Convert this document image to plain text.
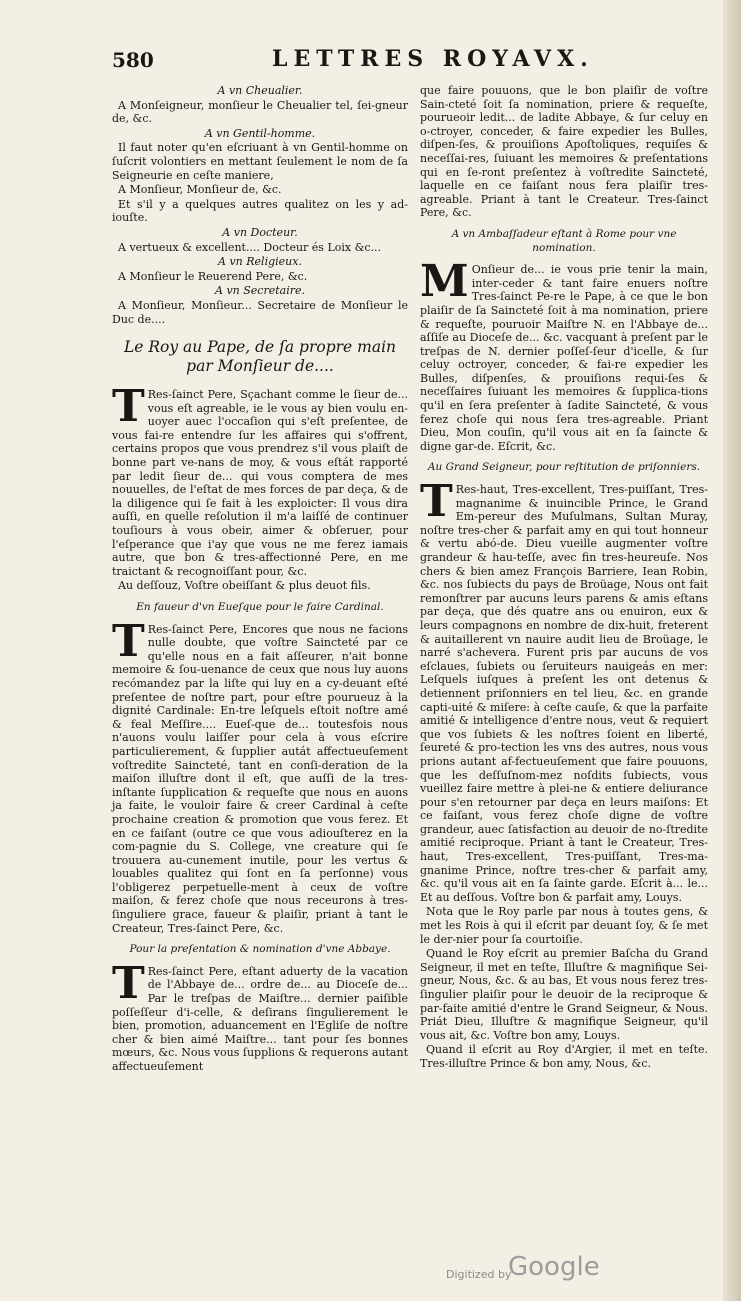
580	LETTRES ROYAVX.

A vn Cheualier.

A Monſeigneur, monſieur le Cheualier tel, ſei-gneur de, &c.

A vn Gentil-homme.

Il faut noter qu'en eſcriuant à vn Gentil-homme on ſuſcrit volontiers en mettant ſeulement le nom de ſa Seigneurie en ceſte maniere,

A Monſieur, Monſieur de, &c.

Et s'il y a quelques autres qualitez on les y ad-iouſte.

A vn Docteur.

A vertueux & excellent.... Docteur és Loix &c...

A vn Religieux.

A Monſieur le Reuerend Pere, &c.

A vn Secretaire.

A Monſieur, Monſieur... Secretaire de Monſieur le Duc de....

Le Roy au Pape, de ſa propre main par Monſieur de....

T Res-ſainct Pere, Sçachant comme le ſieur de... vous eſt agreable, ie le vous ay bien voulu en-uoyer auec l'occaſion qui s'eſt preſentee, de vous fai-re entendre ſur les affaires qui s'offrent, certains propos que vous prendrez s'il vous plaiſt de bonne part ve-nans de moy, & vous eſtát rapporté par ledit ſieur de... qui vous comptera de mes nouuelles, de l'eſtat de mes forces de par deça, & de la diligence qui ſe fait à les exploicter: Il vous dira auſſi, en quelle reſolution il m'a laiſſé de continuer touſiours à vous obeir, aimer & obſeruer, pour l'eſperance que i'ay que vous ne me ferez iamais autre, que bon & tres-affectionné Pere, en me traictant & recognoiſſant pour, &c.

Au deſſouz, Voſtre obeiſſant & plus deuot fils.

En faueur d'vn Eueſque pour le faire Cardinal.

T Res-ſainct Pere, Encores que nous ne facions nulle doubte, que voſtre Saincteté par ce qu'elle nous en a fait aſſeurer, n'ait bonne memoire & ſou-uenance de ceux que nous luy auons recómandez par la liſte qui luy en a cy-deuant eſté preſentee de noſtre part, pour eſtre pourueuz à la dignité Cardinale: En-tre leſquels eſtoit noſtre amé & feal Meſſire.... Eueſ-que de... toutesfois nous n'auons voulu laiſſer pour cela à vous eſcrire particulierement, & ſupplier autát affectueuſement voſtredite Saincteté, tant en conſi-deration de la maiſon illuſtre dont il eſt, que auſſi de la tres-inſtante ſupplication & requeſte que nous en auons ja faite, le vouloir faire & creer Cardinal à ceſte prochaine creation & promotion que vous ferez. Et en ce faiſant (outre ce que vous adiouſterez en la com-pagnie du S. College, vne creature qui ſe trouuera au-cunement inutile, pour les vertus & louables qualitez qui ſont en ſa perſonne) vous l'obligerez perpetuelle-ment à ceux de voſtre maiſon, & ferez choſe que nous receurons à tres-ſinguliere grace, faueur & plaiſir, priant à tant le Createur, Tres-ſainct Pere, &c.

Pour la preſentation & nomination d'vne Abbaye.

T Res-ſainct Pere, eſtant aduerty de la vacation de l'Abbaye de... ordre de... au Dioceſe de... Par le treſpas de Maiſtre... dernier paiſible poſſeſſeur d'i-celle, & deſirans ſingulierement le bien, promotion, aduancement en l'Egliſe de noſtre cher & bien aimé Maiſtre... tant pour ſes bonnes mœurs, &c. Nous vous ſupplions & requerons autant affectueuſement

que faire pouuons, que le bon plaiſir de voſtre Sain-cteté ſoit ſa nomination, priere & requeſte, pourueoir ledit... de ladite Abbaye, & ſur celuy en o-ctroyer, conceder, & faire expedier les Bulles, diſpen-ſes, & prouiſions Apoſtoliques, requiſes & neceſſai-res, ſuiuant les memoires & preſentations qui en ſe-ront preſentez à voſtredite Saincteté, laquelle en ce faiſant nous fera plaiſir tres-agreable. Priant à tant le Createur. Tres-ſainct Pere, &c.

A vn Ambaſſadeur eſtant à Rome pour vne nomination.

M Onſieur de... ie vous prie tenir la main, inter-ceder & tant faire enuers noſtre Tres-ſainct Pe-re le Pape, à ce que le bon plaiſir de ſa Saincteté ſoit à ma nomination, priere & requeſte, pouruoir Maiſtre N. en l'Abbaye de... aſſiſe au Dioceſe de... &c. vacquant à preſent par le treſpas de N. dernier poſſeſ-ſeur d'icelle, & ſur celuy octroyer, conceder, & fai-re expedier les Bulles, diſpenſes, & prouiſions requi-ſes & neceſſaires ſuiuant les memoires & ſupplica-tions qu'il en ſera preſenter à ſadite Saincteté, & vous ferez choſe qui nous ſera tres-agreable. Priant Dieu, Mon couſin, qu'il vous ait en ſa ſaincte & digne gar-de. Eſcrit, &c.

Au Grand Seigneur, pour reſtitution de priſonniers.

T Res-haut, Tres-excellent, Tres-puiſſant, Tres-magnanime & inuincible Prince, le Grand Em-pereur des Muſulmans, Sultan Muray, noſtre tres-cher & parfait amy en qui tout honneur & vertu abó-de. Dieu vueille augmenter voſtre grandeur & hau-teſſe, avec fin tres-heureuſe. Nos chers & bien amez François Barriere, Iean Robin, &c. nos ſubiects du pays de Broüage, Nous ont fait remonſtrer par aucuns leurs parens & amis eſtans par deça, que dés quatre ans ou enuiron, eux & leurs compagnons en nombre de dix-huit, freterent & auitaillerent vn nauire audit lieu de Broüage, le narré s'achevera. Furent pris par aucuns de vos eſclaues, ſubiets ou ſeruiteurs nauigeás en mer: Leſquels iuſques à preſent les ont detenus & detiennent priſonniers en tel lieu, &c. en grande capti-uité & miſere: à ceſte cauſe, & que la parfaite amitié & intelligence d'entre nous, veut & requiert que vos ſubiets & les noſtres ſoient en liberté, ſeureté & pro-tection les vns des autres, nous vous prions autant af-fectueuſement que faire pouuons, que les deſſuſnom-mez noſdits ſubiects, vous vueillez faire mettre à plei-ne & entiere deliurance pour s'en retourner par deça en leurs maiſons: Et ce faiſant, vous ferez choſe digne de voſtre grandeur, auec ſatisfaction au deuoir de no-ſtredite amitié reciproque. Priant à tant le Createur, Tres-haut, Tres-excellent, Tres-puiſſant, Tres-ma-gnanime Prince, noſtre tres-cher & parfait amy, &c. qu'il vous ait en ſa ſainte garde. Eſcrit à... le... Et au deſſous. Voſtre bon & parfait amy, Louys.

Nota que le Roy parle par nous à toutes gens, & met les Rois à qui il eſcrit par deuant ſoy, & ſe met le der-nier pour ſa courtoiſie.

Quand le Roy eſcrit au premier Baſcha du Grand Seigneur, il met en teſte, Illuſtre & magnifique Sei-gneur, Nous, &c. & au bas, Et vous nous ferez tres-ſingulier plaiſir pour le deuoir de la reciproque & par-faite amitié d'entre le Grand Seigneur, & Nous. Priát Dieu, Illuſtre & magnifique Seigneur, qu'il vous ait, &c. Voſtre bon amy, Louys.

Quand il eſcrit au Roy d'Argier, il met en teſte. Tres-illuſtre Prince & bon amy, Nous, &c.

Digitized by
Google
